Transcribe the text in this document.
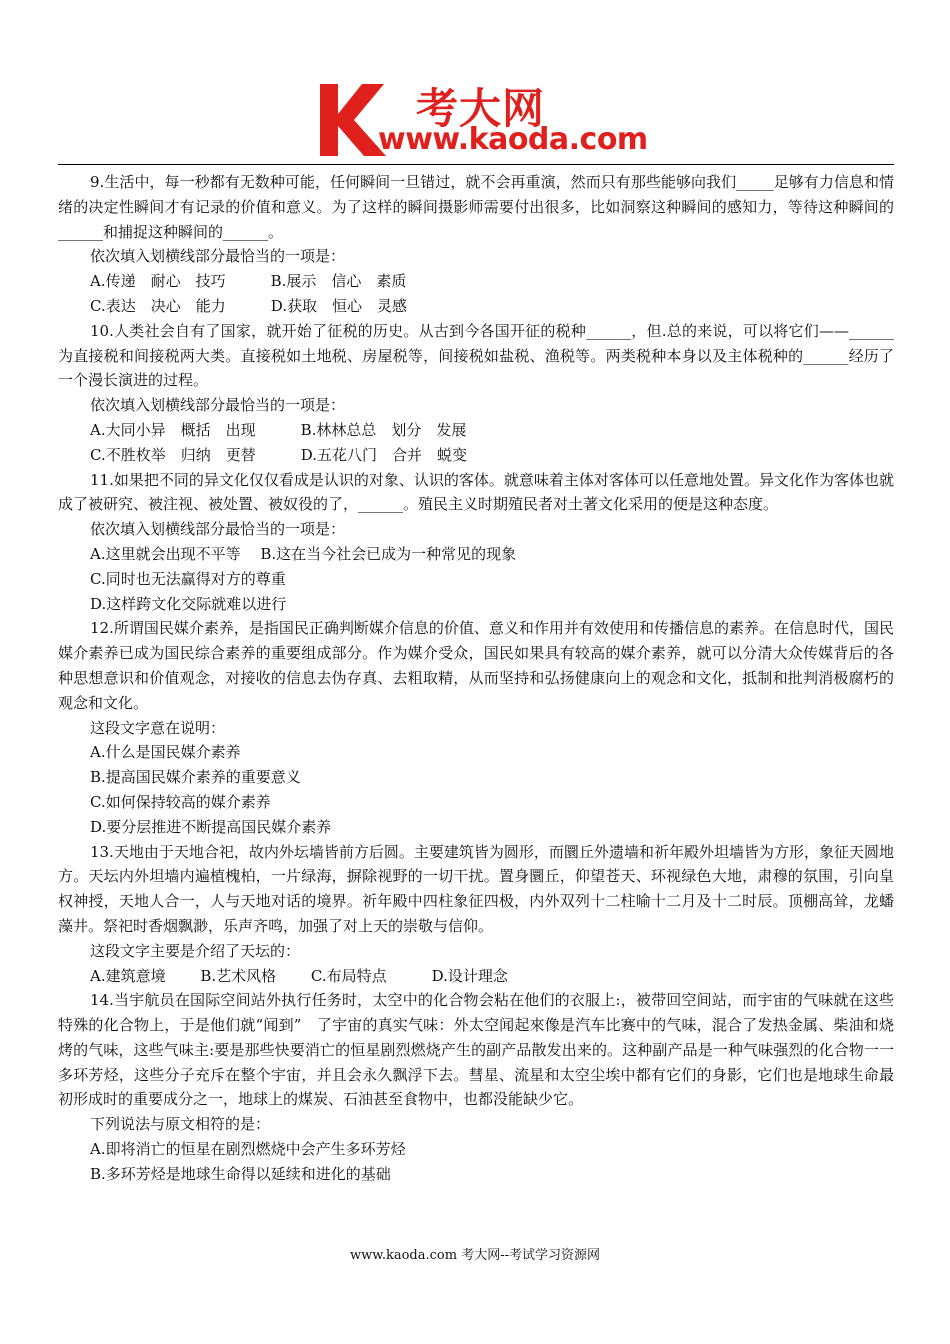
考大网
www.kaoda.com

9.生活中，每一秒都有无数种可能，任何瞬间一旦错过，就不会再重演，然而只有那些能够向我们_____足够有力信息和情绪的决定性瞬间才有记录的价值和意义。为了这样的瞬间摄影师需要付出很多，比如洞察这种瞬间的感知力，等待这种瞬间的______和捕捉这种瞬间的______。

依次填入划横线部分最恰当的一项是：

A.传递　耐心　技巧　　　B.展示　信心　素质

C.表达　决心　能力　　　D.获取　恒心　灵感

10.人类社会自有了国家，就开始了征税的历史。从古到今各国开征的税种______，但.总的来说，可以将它们——______为直接税和间接税两大类。直接税如土地税、房屋税等，间接税如盐税、渔税等。两类税种本身以及主体税种的______经历了一个漫长演进的过程。

依次填入划横线部分最恰当的一项是：

A.大同小异　概括　出现　　　B.林林总总　划分　发展

C.不胜枚举　归纳　更替　　　D.五花八门　合并　蜕变

11.如果把不同的异文化仅仅看成是认识的对象、认识的客体。就意味着主体对客体可以任意地处置。异文化作为客体也就成了被研究、被注视、被处置、被奴役的了，______。殖民主义时期殖民者对土著文化采用的便是这种态度。

依次填入划横线部分最恰当的一项是：

A.这里就会出现不平等　 B.这在当今社会已成为一种常见的现象

C.同时也无法赢得对方的尊重

D.这样跨文化交际就难以进行

12.所谓国民媒介素养，是指国民正确判断媒介信息的价值、意义和作用并有效使用和传播信息的素养。在信息时代，国民媒介素养已成为国民综合素养的重要组成部分。作为媒介受众，国民如果具有较高的媒介素养，就可以分清大众传媒背后的各种思想意识和价值观念，对接收的信息去伪存真、去粗取精，从而坚持和弘扬健康向上的观念和文化，抵制和批判消极腐朽的观念和文化。

这段文字意在说明：

A.什么是国民媒介素养

B.提高国民媒介素养的重要意义

C.如何保持较高的媒介素养

D.要分层推进不断提高国民媒介素养

13.天地由于天地合祀，故内外坛墙皆前方后圆。主要建筑皆为圆形，而圜丘外遗墙和祈年殿外坦墙皆为方形，象征天圆地方。天坛内外坦墙内遍植槐柏，一片绿海，摒除视野的一切干扰。置身圜丘，仰望苍天、环视绿色大地，肃穆的氛围，引向皇权神授，天地人合一，人与天地对话的境界。祈年殿中四柱象征四极，内外双列十二柱喻十二月及十二时辰。顶棚高耸，龙蟠藻井。祭祀时香烟飘渺，乐声齐鸣，加强了对上天的崇敬与信仰。

这段文字主要是介绍了天坛的：

A.建筑意境　　 B.艺术风格　　 C.布局特点　　　D.设计理念

14.当宇航员在国际空间站外执行任务时，太空中的化合物会粘在他们的衣服上:，被带回空间站，而宇宙的气味就在这些特殊的化合物上，于是他们就“闻到”　了宇宙的真实气味：外太空闻起來像是汽车比赛中的气味，混合了发热金属、柴油和烧烤的气味，这些气味主:要是那些快要消亡的恒星剧烈燃烧产生的副产品散发出来的。这种副产品是一种气味强烈的化合物一一多环芳烃，这些分子充斥在整个宇宙，并且会永久飘浮下去。彗星、流星和太空尘埃中都有它们的身影，它们也是地球生命最初形成时的重要成分之一，地球上的煤炭、石油甚至食物中，也都没能缺少它。

下列说法与原文相符的是：

A.即将消亡的恒星在剧烈燃烧中会产生多环芳烃

B.多环芳烃是地球生命得以延续和进化的基础

www.kaoda.com 考大网--考试学习资源网
